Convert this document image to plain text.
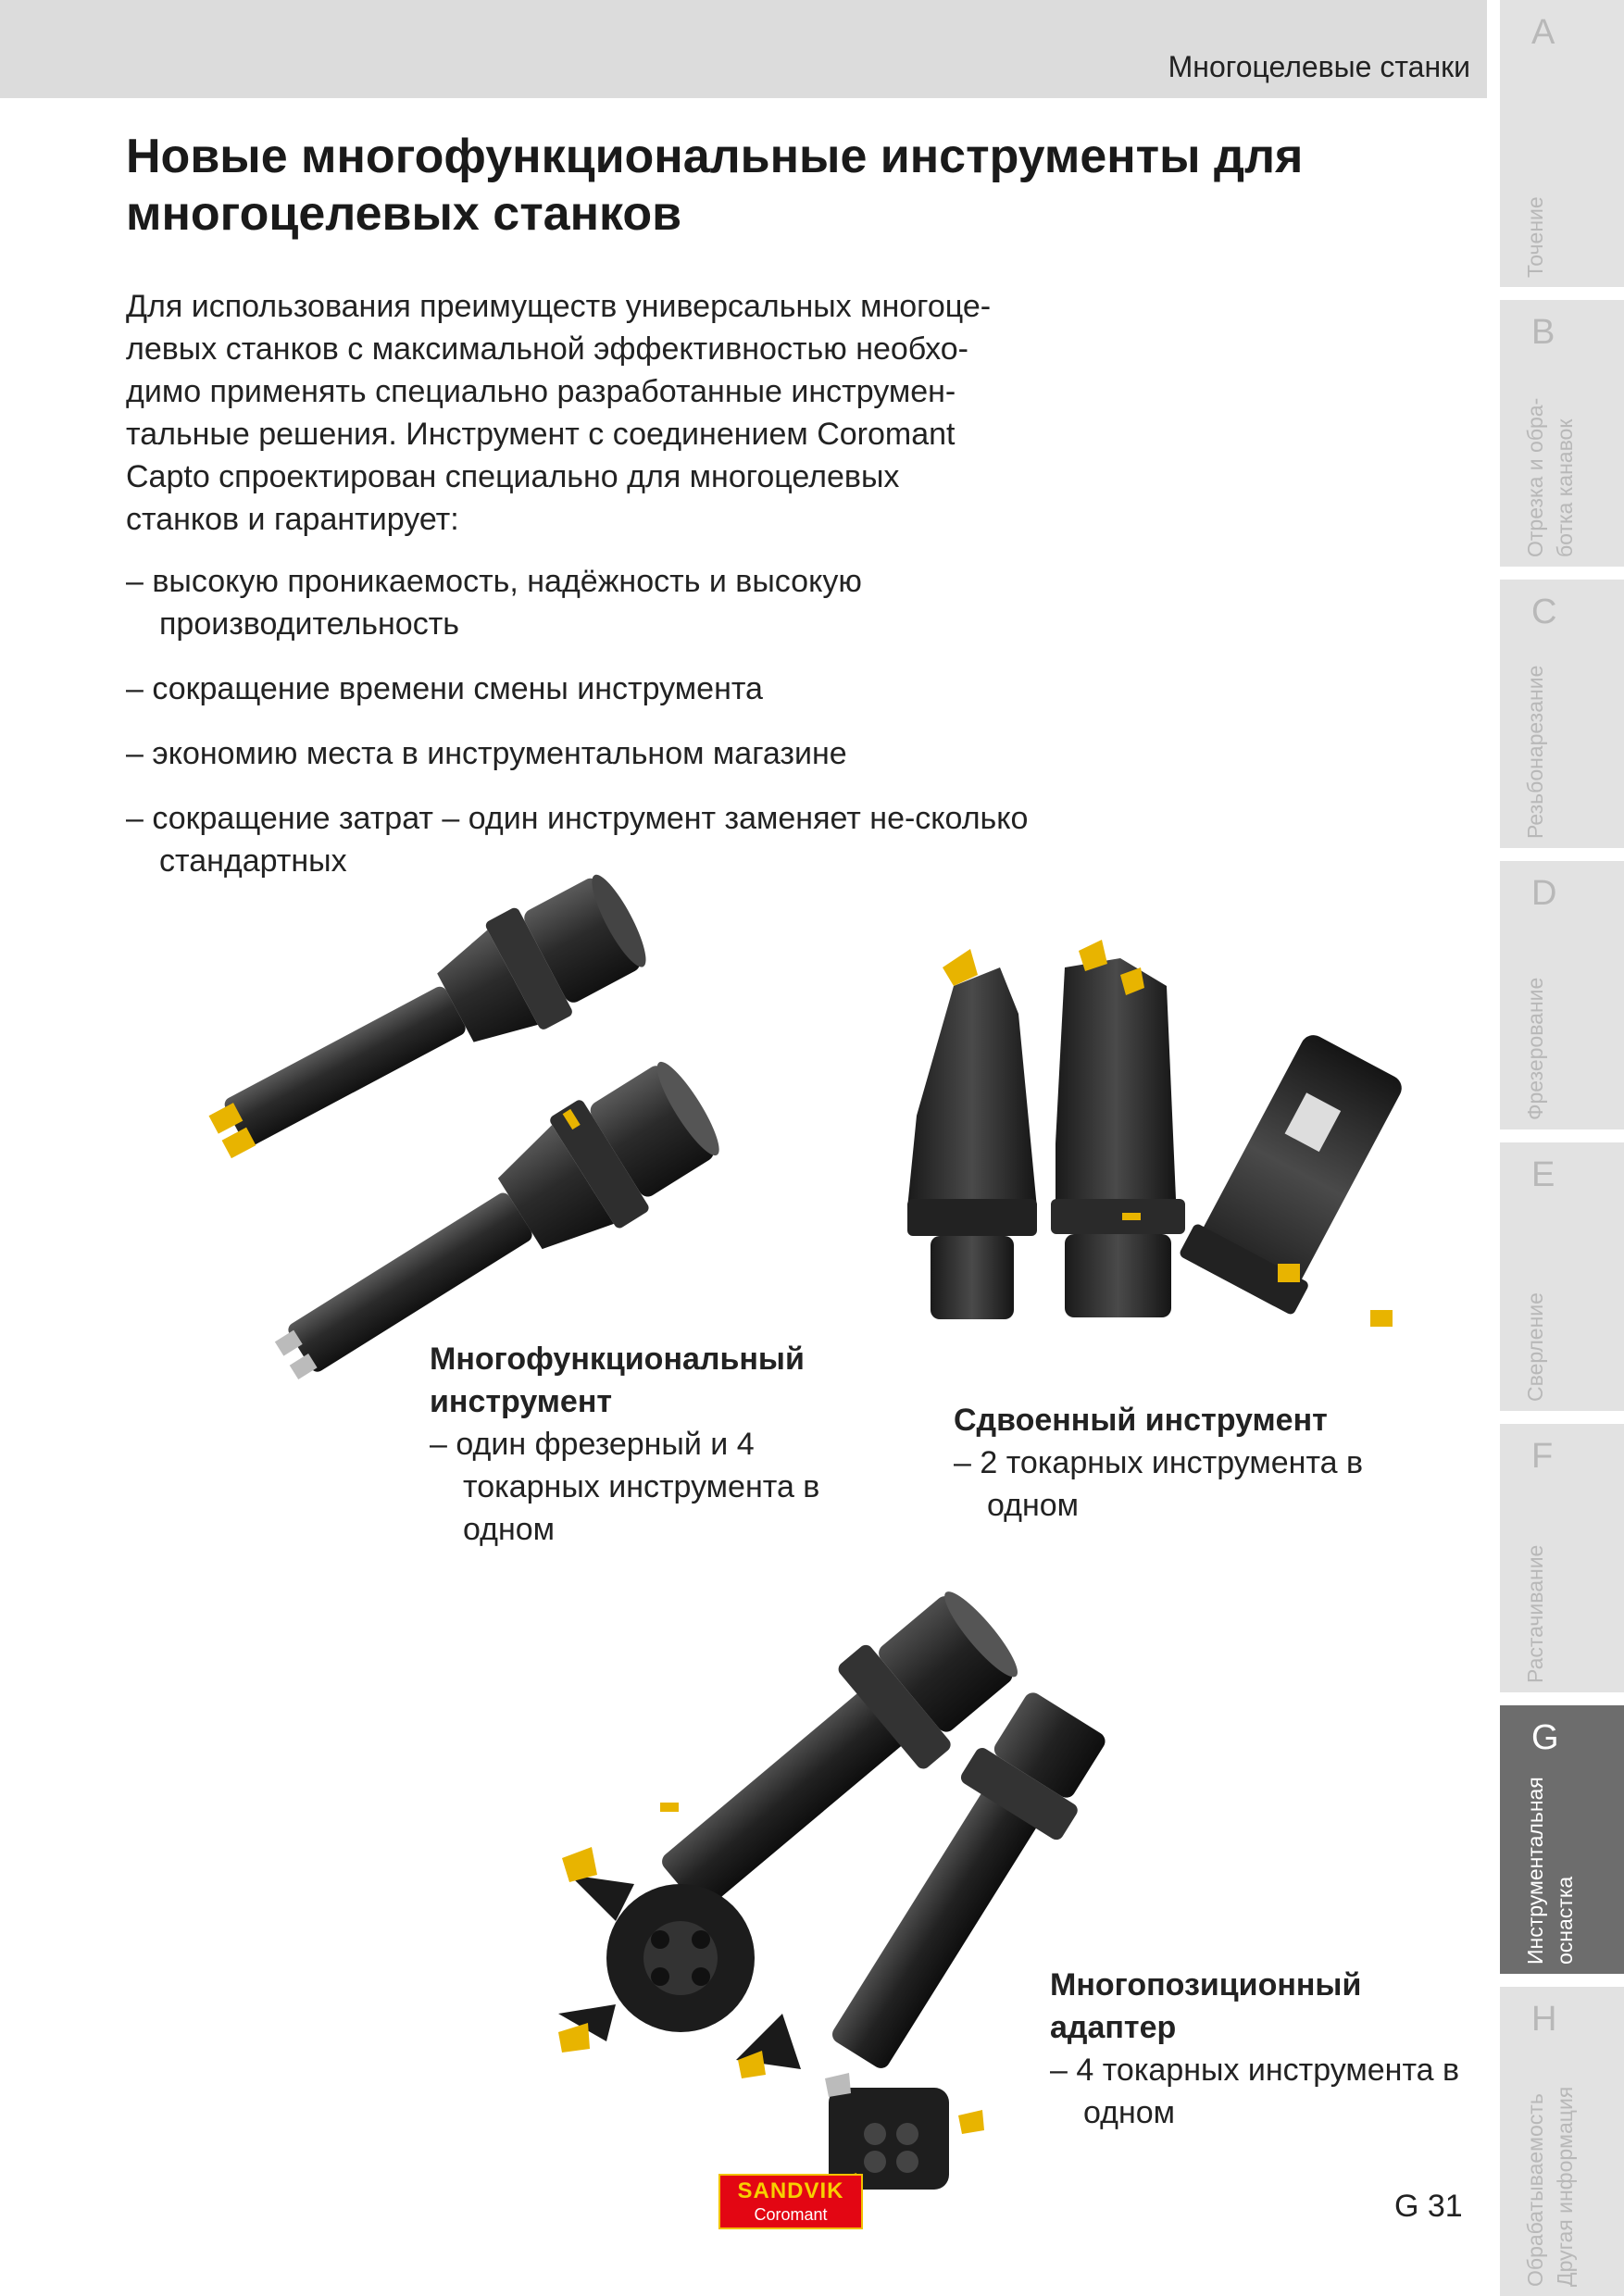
Многоцелевые станки
Новые многофункциональные инструменты для
многоцелевых станков

Для использования преимуществ универсальных многоце-

левых станков с максимальной эффективностью необхо-

димо применять специально разработанные инструмен-

тальные решения. Инструмент с соединением Coromant

Capto спроектирован специально для многоцелевых

станков и гарантирует:

– высокую проникаемость, надёжность и высокую производительность
– сокращение времени смены инструмента
– экономию места в инструментальном магазине
– сокращение затрат – один инструмент заменяет не-сколько стандартных
Многофункциональный
инструмент
– один фрезерный и 4 токарных инструмента в одном
Сдвоенный инструмент
– 2 токарных инструмента в одном
Многопозиционный
адаптер
– 4 токарных инструмента в одном
A
Точение
B
Отрезка и обра- ботка канавок
C
Резьбонарезание
D
Фрезерование
E
Сверление
F
Растачивание
G
Инструментальная оснастка
H
Обрабатываемость Другая информация
SANDVIK
Coromant	G 31
